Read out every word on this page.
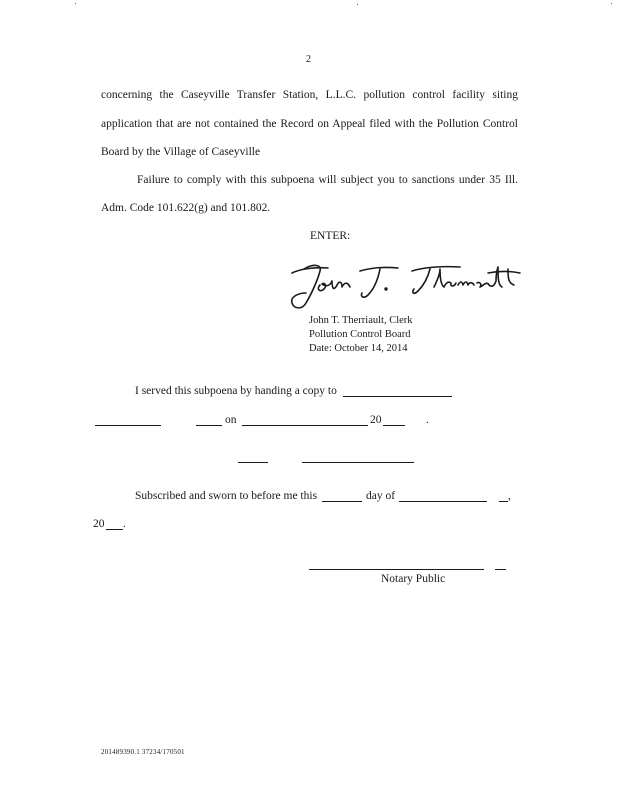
2
concerning the Caseyville Transfer Station, L.L.C. pollution control facility siting
application that are not contained the Record on Appeal filed with the Pollution Control
Board by the Village of Caseyville
Failure to comply with this subpoena will subject you to sanctions under 35 Ill.
Adm. Code 101.622(g) and 101.802.
ENTER:
John T. Therriault, Clerk
Pollution Control Board
Date: October 14, 2014
I served this subpoena by handing a copy to
on	20	.
Subscribed and sworn to before me this	day of	,
20 .
Notary Public
201489390.1 37234/170501
